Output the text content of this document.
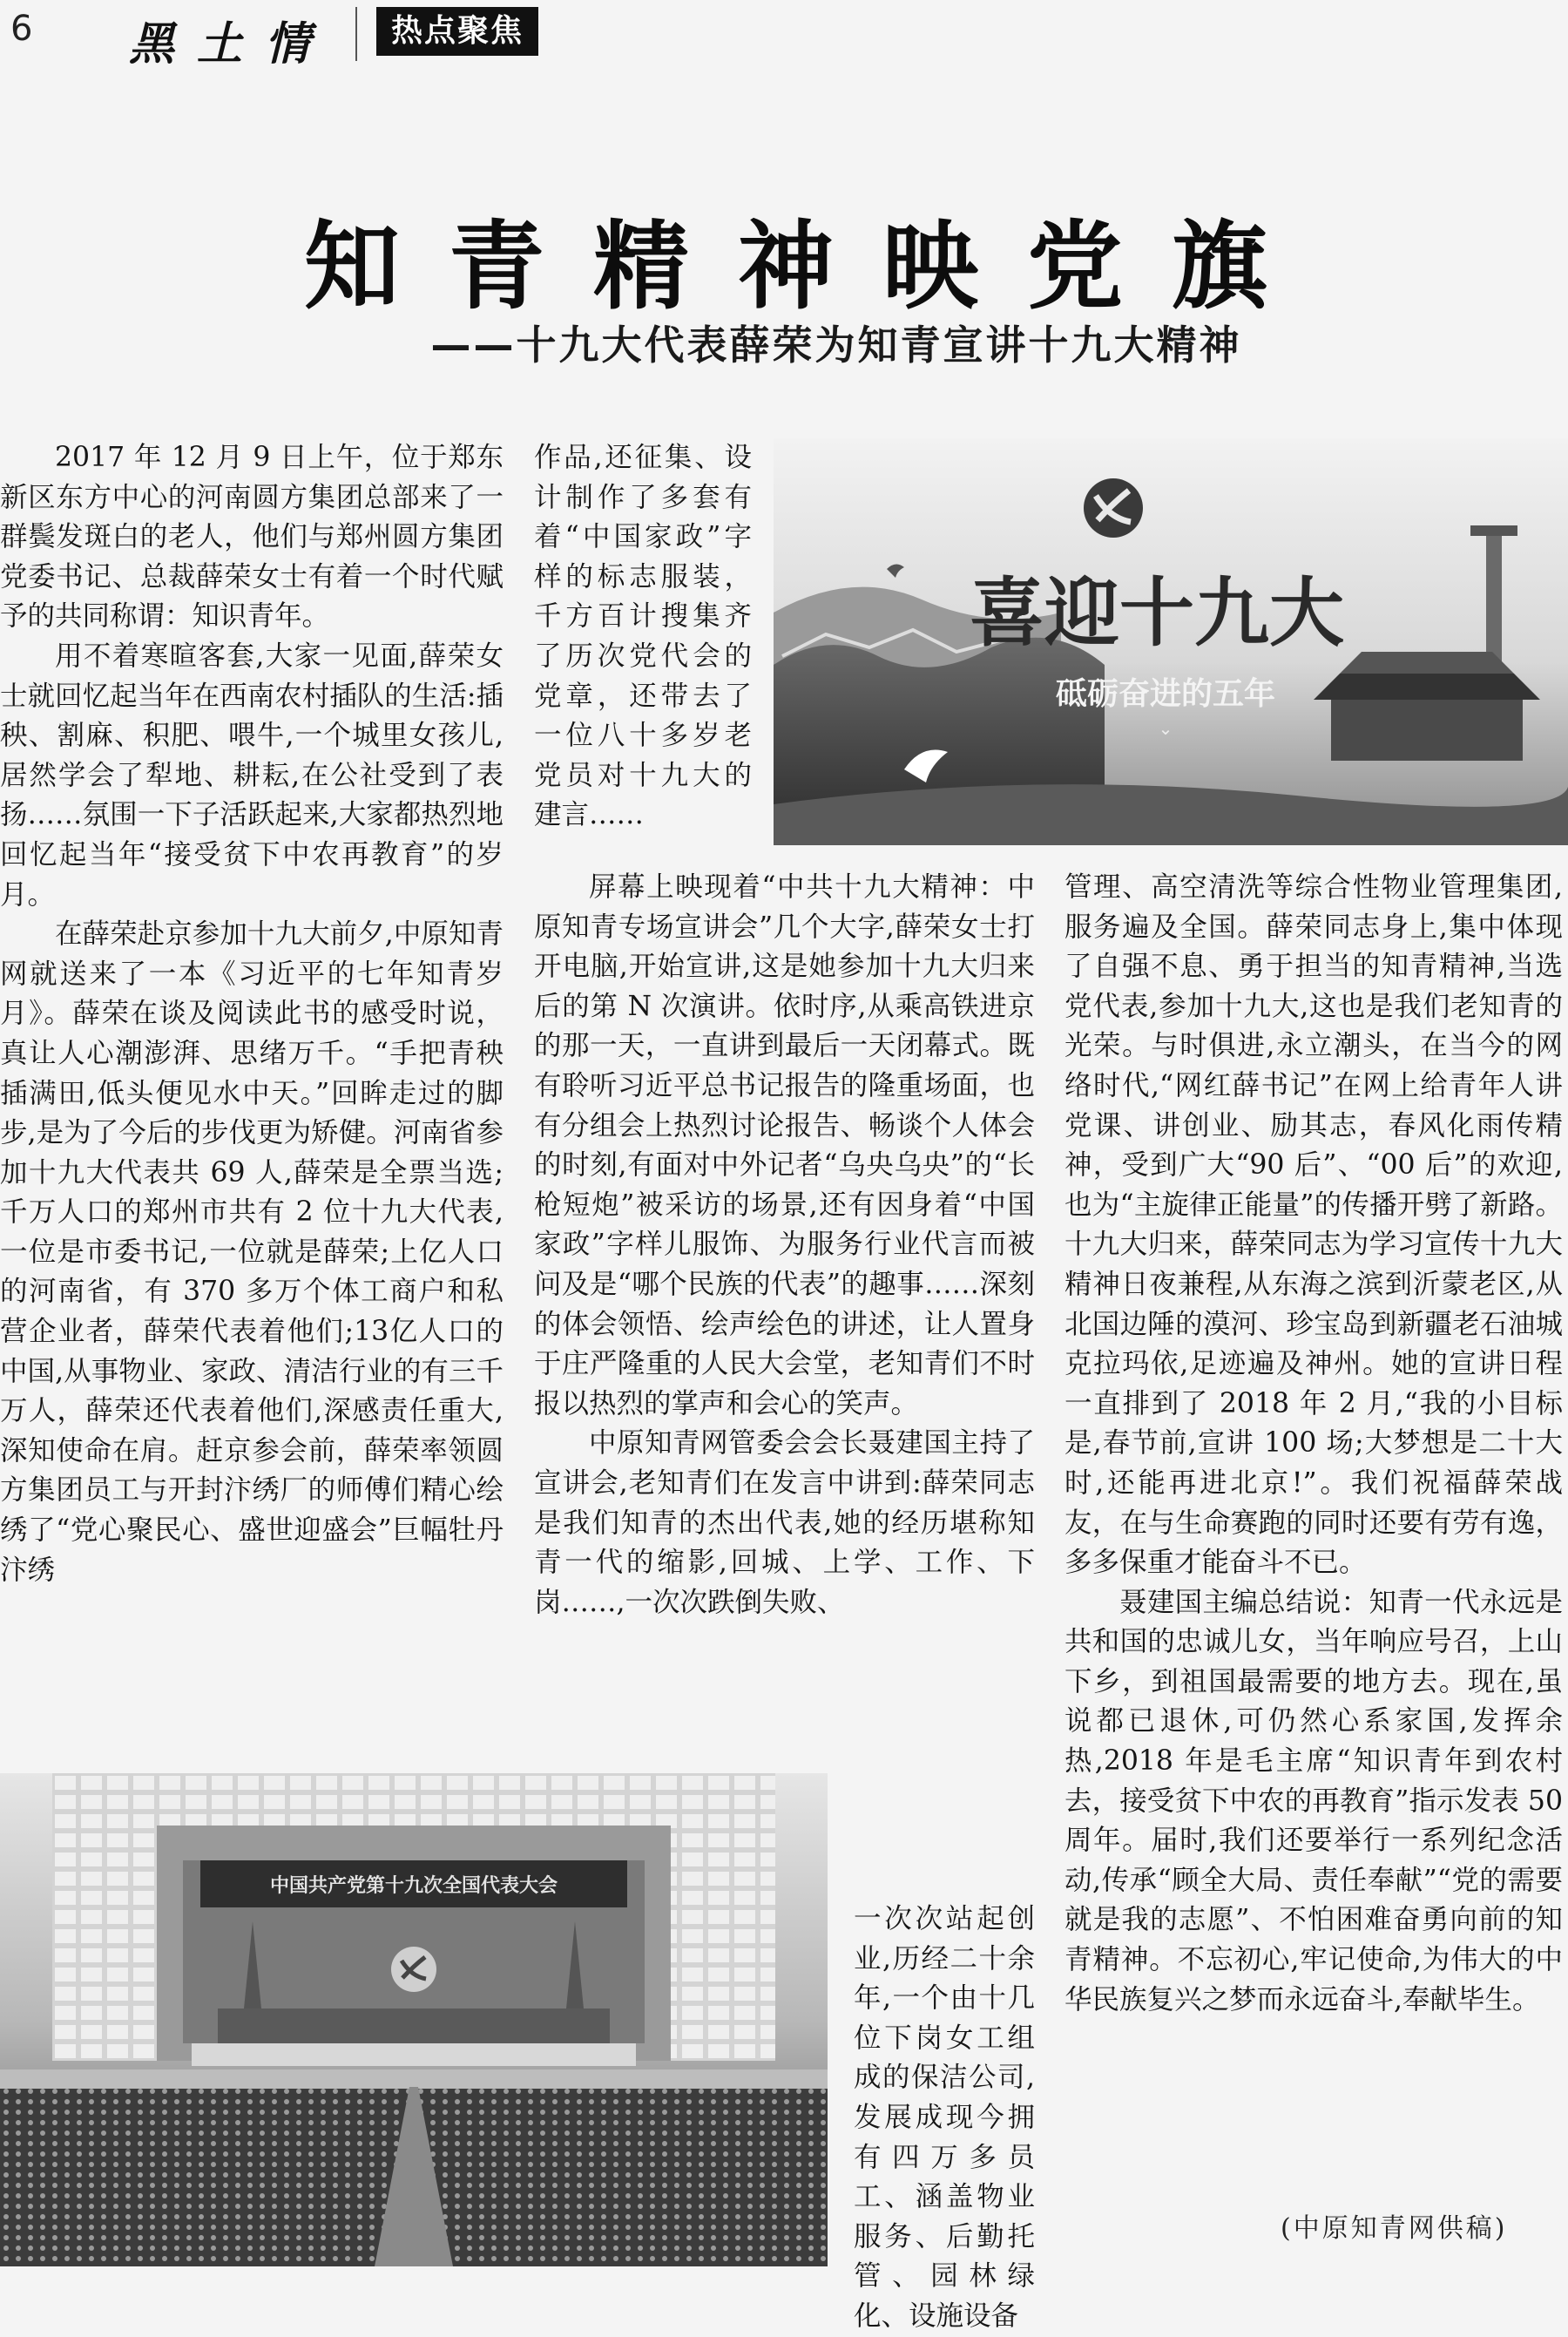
6 黑土情	热点聚焦
知青精神映党旗
——十九大代表薛荣为知青宣讲十九大精神

2017 年 12 月 9 日上午，位于郑东新区东方中心的河南圆方集团总部来了一群鬓发斑白的老人，他们与郑州圆方集团党委书记、总裁薛荣女士有着一个时代赋予的共同称谓：知识青年。

用不着寒暄客套,大家一见面,薛荣女士就回忆起当年在西南农村插队的生活:插秧、割麻、积肥、喂牛,一个城里女孩儿,居然学会了犁地、耕耘,在公社受到了表扬……氛围一下子活跃起来,大家都热烈地回忆起当年“接受贫下中农再教育”的岁月。

在薛荣赴京参加十九大前夕,中原知青网就送来了一本《习近平的七年知青岁月》。薛荣在谈及阅读此书的感受时说，真让人心潮澎湃、思绪万千。“手把青秧插满田,低头便见水中天。”回眸走过的脚步,是为了今后的步伐更为矫健。河南省参加十九大代表共 69 人,薛荣是全票当选;千万人口的郑州市共有 2 位十九大代表,一位是市委书记,一位就是薛荣;上亿人口的河南省，有 370 多万个体工商户和私营企业者，薛荣代表着他们;13亿人口的中国,从事物业、家政、清洁行业的有三千万人，薛荣还代表着他们,深感责任重大,深知使命在肩。赶京参会前，薛荣率领圆方集团员工与开封汴绣厂的师傅们精心绘绣了“党心聚民心、盛世迎盛会”巨幅牡丹汴绣

作品,还征集、设计制作了多套有着“中国家政”字样的标志服装，千方百计搜集齐了历次党代会的党章，还带去了一位八十多岁老党员对十九大的建言……

屏幕上映现着“中共十九大精神：中原知青专场宣讲会”几个大字,薛荣女士打开电脑,开始宣讲,这是她参加十九大归来后的第 N 次演讲。依时序,从乘高铁进京的那一天，一直讲到最后一天闭幕式。既有聆听习近平总书记报告的隆重场面，也有分组会上热烈讨论报告、畅谈个人体会的时刻,有面对中外记者“乌央乌央”的“长枪短炮”被采访的场景,还有因身着“中国家政”字样儿服饰、为服务行业代言而被问及是“哪个民族的代表”的趣事……深刻的体会领悟、绘声绘色的讲述，让人置身于庄严隆重的人民大会堂，老知青们不时报以热烈的掌声和会心的笑声。

中原知青网管委会会长聂建国主持了宣讲会,老知青们在发言中讲到:薛荣同志是我们知青的杰出代表,她的经历堪称知青一代的缩影,回城、上学、工作、下岗……,一次次跌倒失败、

一次次站起创业,历经二十余年,一个由十几位下岗女工组成的保洁公司,发展成现今拥有四万多员工、涵盖物业服务、后勤托管、园林绿化、设施设备

管理、高空清洗等综合性物业管理集团,服务遍及全国。薛荣同志身上,集中体现了自强不息、勇于担当的知青精神,当选党代表,参加十九大,这也是我们老知青的光荣。与时俱进,永立潮头，在当今的网络时代,“网红薛书记”在网上给青年人讲党课、讲创业、励其志，春风化雨传精神，受到广大“90 后”、“00 后”的欢迎,也为“主旋律正能量”的传播开劈了新路。十九大归来，薛荣同志为学习宣传十九大精神日夜兼程,从东海之滨到沂蒙老区,从北国边陲的漠河、珍宝岛到新疆老石油城克拉玛依,足迹遍及神州。她的宣讲日程一直排到了 2018 年 2 月,“我的小目标是,春节前,宣讲 100 场;大梦想是二十大时,还能再进北京!”。我们祝福薛荣战友，在与生命赛跑的同时还要有劳有逸，多多保重才能奋斗不已。

聂建国主编总结说：知青一代永远是共和国的忠诚儿女，当年响应号召，上山下乡，到祖国最需要的地方去。现在,虽说都已退休,可仍然心系家国,发挥余热,2018 年是毛主席“知识青年到农村去，接受贫下中农的再教育”指示发表 50 周年。届时,我们还要举行一系列纪念活动,传承“顾全大局、责任奉献”“党的需要就是我的志愿”、不怕困难奋勇向前的知青精神。不忘初心,牢记使命,为伟大的中华民族复兴之梦而永远奋斗,奉献毕生。

(中原知青网供稿)
喜迎十九大
砥砺奋进的五年
⌄
中国共产党第十九次全国代表大会
